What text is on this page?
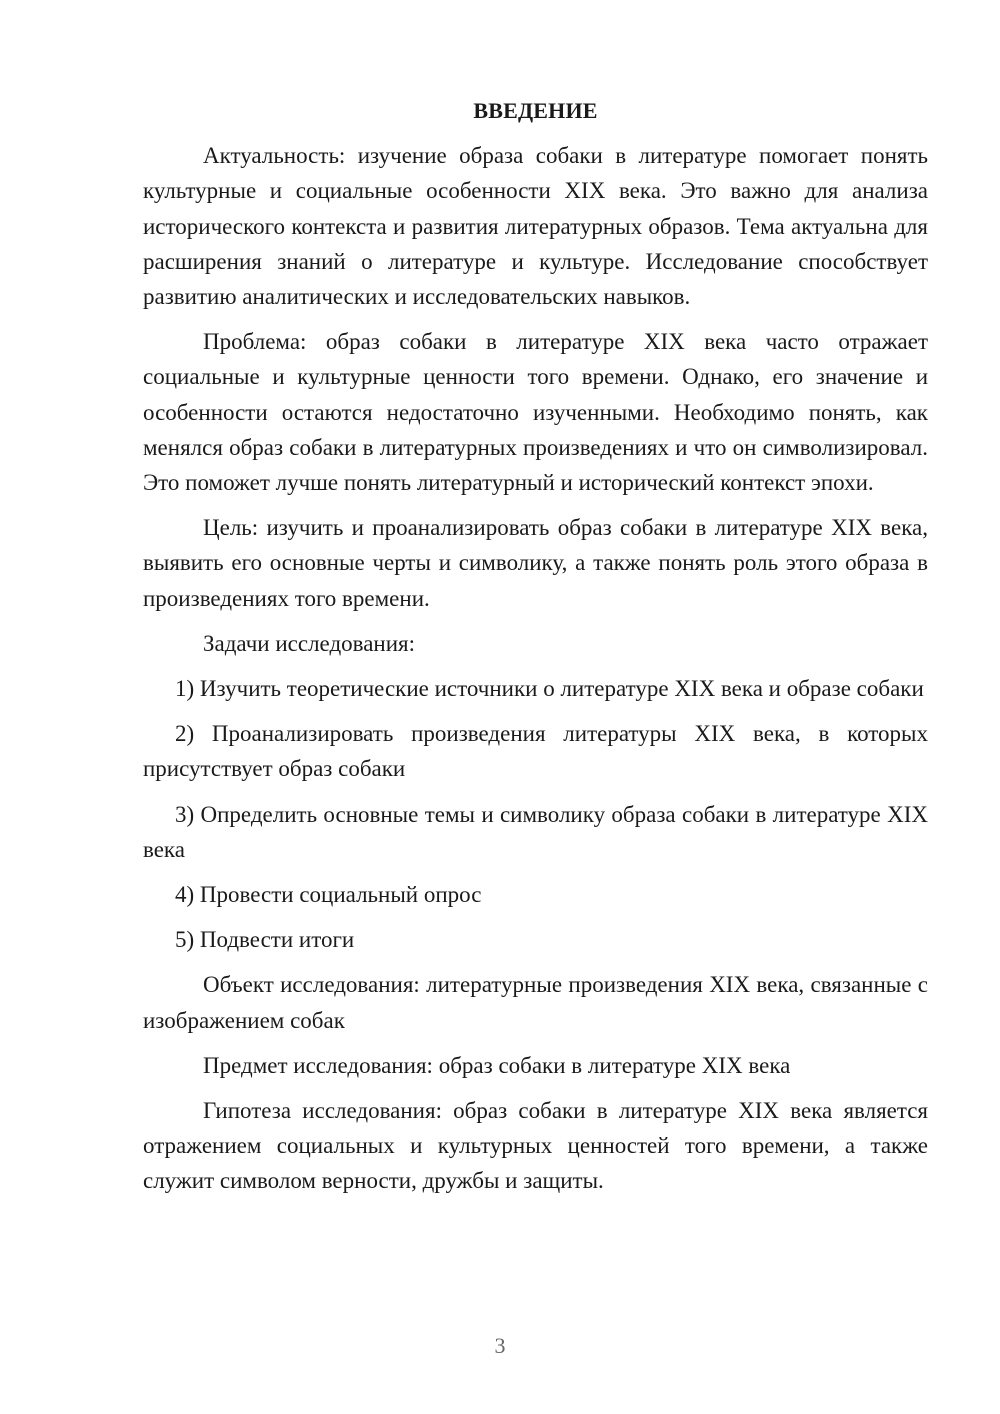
ВВЕДЕНИЕ

Актуальность: изучение образа собаки в литературе помогает понять культурные и социальные особенности XIX века. Это важно для анализа исторического контекста и развития литературных образов. Тема актуальна для расширения знаний о литературе и культуре. Исследование способствует развитию аналитических и исследовательских навыков.

Проблема: образ собаки в литературе XIX века часто отражает социальные и культурные ценности того времени. Однако, его значение и особенности остаются недостаточно изученными. Необходимо понять, как менялся образ собаки в литературных произведениях и что он символизировал. Это поможет лучше понять литературный и исторический контекст эпохи.

Цель: изучить и проанализировать образ собаки в литературе XIX века, выявить его основные черты и символику, а также понять роль этого образа в произведениях того времени.

Задачи исследования:

1) Изучить теоретические источники о литературе XIX века и образе собаки

2) Проанализировать произведения литературы XIX века, в которых присутствует образ собаки

3) Определить основные темы и символику образа собаки в литературе XIX века

4) Провести социальный опрос

5) Подвести итоги

Объект исследования: литературные произведения XIX века, связанные с изображением собак

Предмет исследования: образ собаки в литературе XIX века

Гипотеза исследования: образ собаки в литературе XIX века является отражением социальных и культурных ценностей того времени, а также служит символом верности, дружбы и защиты.

3
